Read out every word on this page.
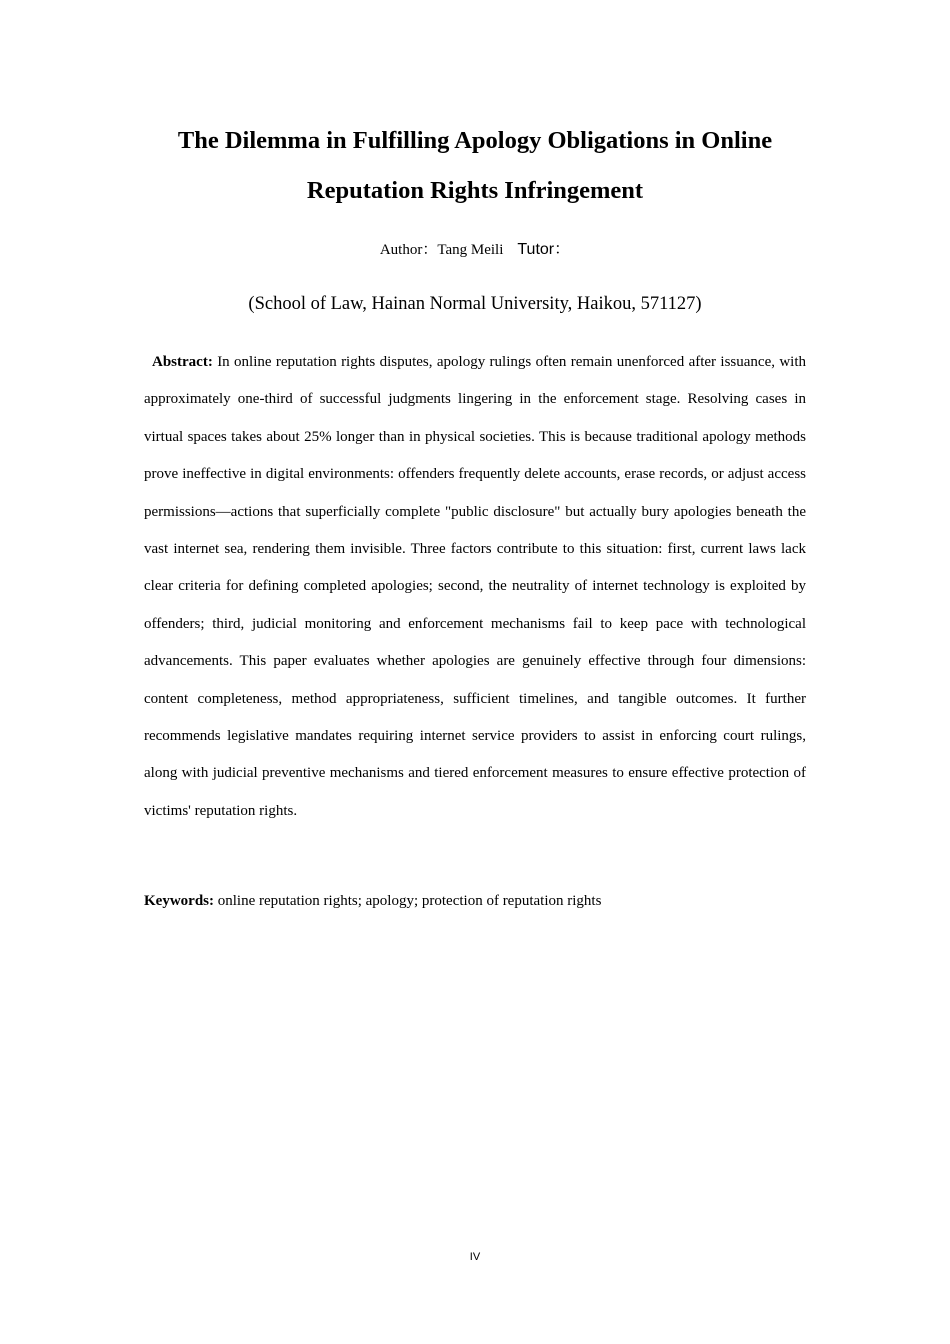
The Dilemma in Fulfilling Apology Obligations in Online
Reputation Rights Infringement
Author：Tang Meili Tutor：
(School of Law, Hainan Normal University, Haikou, 571127)

Abstract: In online reputation rights disputes, apology rulings often remain unenforced after issuance, with approximately one-third of successful judgments lingering in the enforcement stage. Resolving cases in virtual spaces takes about 25% longer than in physical societies. This is because traditional apology methods prove ineffective in digital environments: offenders frequently delete accounts, erase records, or adjust access permissions—actions that superficially complete "public disclosure" but actually bury apologies beneath the vast internet sea, rendering them invisible. Three factors contribute to this situation: first, current laws lack clear criteria for defining completed apologies; second, the neutrality of internet technology is exploited by offenders; third, judicial monitoring and enforcement mechanisms fail to keep pace with technological advancements. This paper evaluates whether apologies are genuinely effective through four dimensions: content completeness, method appropriateness, sufficient timelines, and tangible outcomes. It further recommends legislative mandates requiring internet service providers to assist in enforcing court rulings, along with judicial preventive mechanisms and tiered enforcement measures to ensure effective protection of victims' reputation rights.

Keywords: online reputation rights; apology; protection of reputation rights

IV
